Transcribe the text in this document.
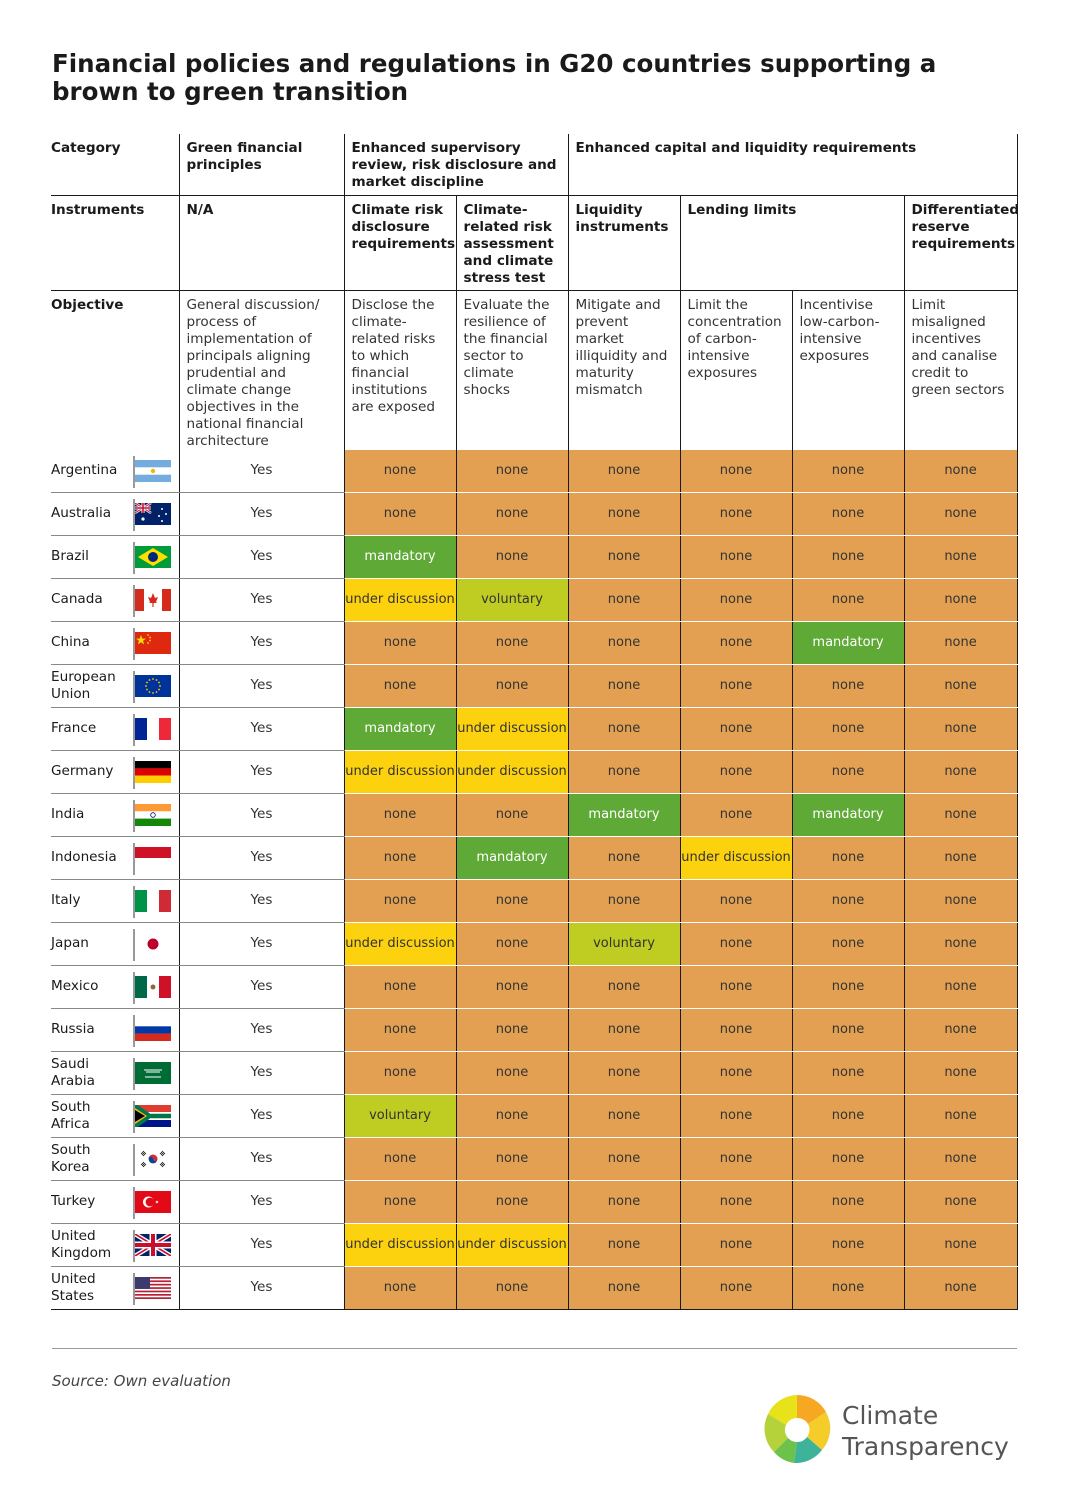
Financial policies and regulations in G20 countries supporting a brown to green transition
Category	Green financial principles	Enhanced supervisory review, risk disclosure and market discipline		Enhanced capital and liquidity requirements			
Instruments	N/A	Climate risk disclosure requirements	Climate-related risk assessment and climate stress test	Liquidity instruments	Lending limits		Differentiated reserve requirements
Objective	General discussion/ process of implementation of principals aligning prudential and climate change objectives in the national financial architecture	Disclose the climate-related risks to which financial institutions are exposed	Evaluate the resilience of the financial sector to climate shocks	Mitigate and prevent market illiquidity and maturity mismatch	Limit the concentration of carbon-intensive exposures	Incentivise low-carbon-intensive exposures	Limit misaligned incentives and canalise credit to green sectors

Argentina	Yes	none	none	none	none	none	none

Australia	Yes	none	none	none	none	none	none

Brazil	Yes	mandatory	none	none	none	none	none

Canada	Yes	under discussion	voluntary	none	none	none	none

China	Yes	none	none	none	none	mandatory	none

European Union	Yes	none	none	none	none	none	none

France	Yes	mandatory	under discussion	none	none	none	none

Germany	Yes	under discussion	under discussion	none	none	none	none

India	Yes	none	none	mandatory	none	mandatory	none

Indonesia	Yes	none	mandatory	none	under discussion	none	none

Italy	Yes	none	none	none	none	none	none

Japan	Yes	under discussion	none	voluntary	none	none	none

Mexico	Yes	none	none	none	none	none	none

Russia	Yes	none	none	none	none	none	none

Saudi Arabia	Yes	none	none	none	none	none	none

South Africa	Yes	voluntary	none	none	none	none	none

South Korea	Yes	none	none	none	none	none	none

Turkey	Yes	none	none	none	none	none	none

United Kingdom	Yes	under discussion	under discussion	none	none	none	none

United States	Yes	none	none	none	none	none	none
Source: Own evaluation
Climate
Transparency
